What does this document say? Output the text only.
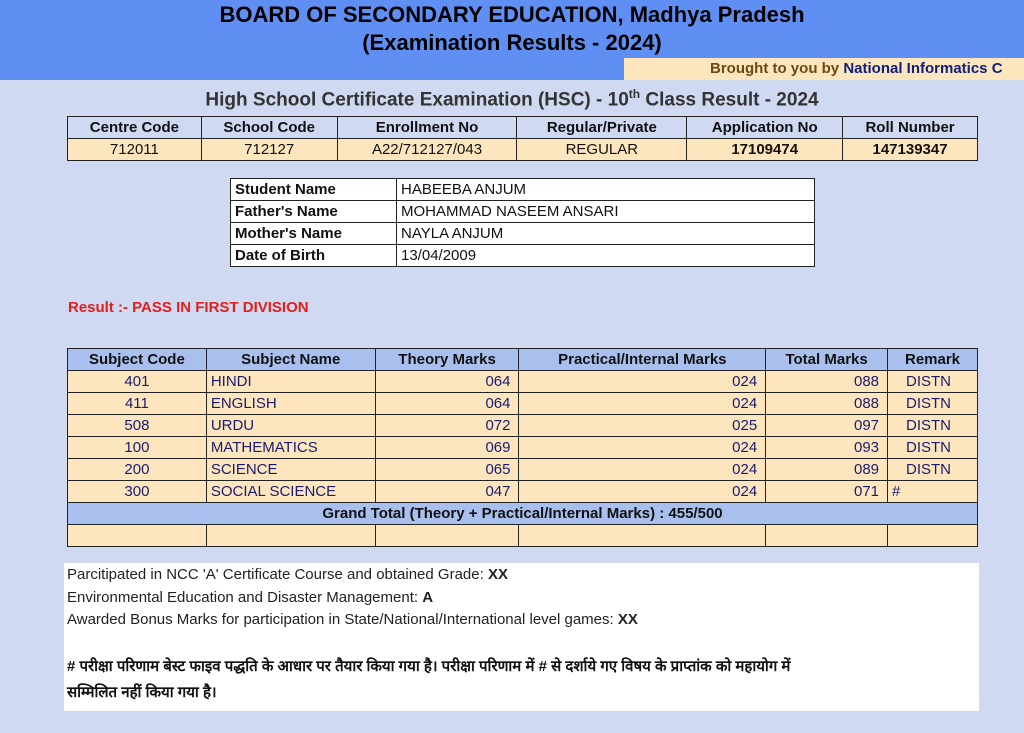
BOARD OF SECONDARY EDUCATION, Madhya Pradesh
(Examination Results - 2024)
Brought to you by National Informatics C
High School Certificate Examination (HSC) - 10th Class Result - 2024
Centre Code	School Code	Enrollment No	Regular/Private	Application No	Roll Number
712011	712127	A22/712127/043	REGULAR	17109474	147139347
Student Name	HABEEBA ANJUM
Father's Name	MOHAMMAD NASEEM ANSARI
Mother's Name	NAYLA ANJUM
Date of Birth	13/04/2009
Result :- PASS IN FIRST DIVISION
Subject Code	Subject Name	Theory Marks	Practical/Internal Marks	Total Marks	Remark
401	HINDI	064	024	088	DISTN
411	ENGLISH	064	024	088	DISTN
508	URDU	072	025	097	DISTN
100	MATHEMATICS	069	024	093	DISTN
200	SCIENCE	065	024	089	DISTN
300	SOCIAL SCIENCE	047	024	071	#
Grand Total (Theory + Practical/Internal Marks) : 455/500					

Parcitipated in NCC 'A' Certificate Course and obtained Grade: XX
Environmental Education and Disaster Management: A
Awarded Bonus Marks for participation in State/National/International level games: XX
# परीक्षा परिणाम बेस्ट फाइव पद्धति के आधार पर तैयार किया गया है। परीक्षा परिणाम में # से दर्शाये गए विषय के प्राप्तांक को महायोग में
सम्मिलित नहीं किया गया है।
